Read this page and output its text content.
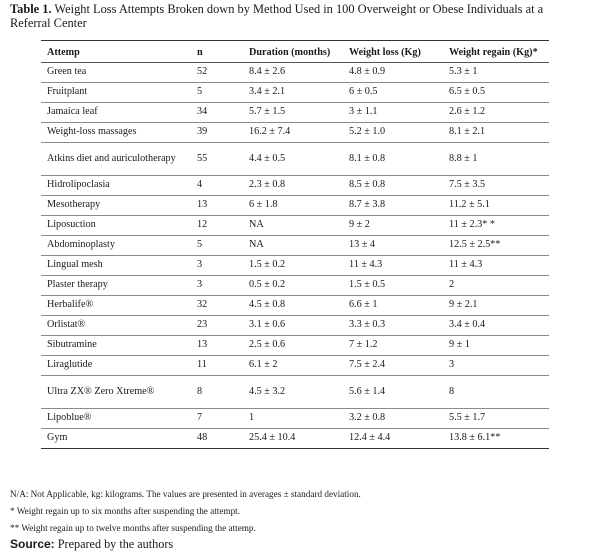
Table 1. Weight Loss Attempts Broken down by Method Used in 100 Overweight or Obese Individuals at a Referral Center
Attemp	n	Duration (months)	Weight loss (Kg)	Weight regain (Kg)*
Green tea	52	8.4 ± 2.6	4.8 ± 0.9	5.3 ± 1
Fruitplant	5	3.4 ± 2.1	6 ± 0.5	6.5 ± 0.5
Jamaica leaf	34	5.7 ± 1.5	3 ± 1.1	2.6 ± 1.2
Weight-loss massages	39	16.2 ± 7.4	5.2 ± 1.0	8.1 ± 2.1
Atkins diet and auriculotherapy	55	4.4 ± 0.5	8.1 ± 0.8	8.8 ± 1
Hidrolipoclasia	4	2.3 ± 0.8	8.5 ± 0.8	7.5 ± 3.5
Mesotherapy	13	6 ± 1.8	8.7 ± 3.8	11.2 ± 5.1
Liposuction	12	NA	9 ± 2	11 ± 2.3* *
Abdominoplasty	5	NA	13 ± 4	12.5 ± 2.5**
Lingual mesh	3	1.5 ± 0.2	11 ± 4.3	11 ± 4.3
Plaster therapy	3	0.5 ± 0.2	1.5 ± 0.5	2
Herbalife®	32	4.5 ± 0.8	6.6 ± 1	9 ± 2.1
Orlistat®	23	3.1 ± 0.6	3.3 ± 0.3	3.4 ± 0.4
Sibutramine	13	2.5 ± 0.6	7 ± 1.2	9 ± 1
Liraglutide	11	6.1 ± 2	7.5 ± 2.4	3
Ultra ZX® Zero Xtreme®	8	4.5 ± 3.2	5.6 ± 1.4	8
Lipoblue®	7	1	3.2 ± 0.8	5.5 ± 1.7
Gym	48	25.4 ± 10.4	12.4 ± 4.4	13.8 ± 6.1**
N/A: Not Applicable, kg: kilograms. The values are presented in averages ± standard deviation.
* Weight regain up to six months after suspending the attempt.
** Weight regain up to twelve months after suspending the attemp.
Source: Prepared by the authors
